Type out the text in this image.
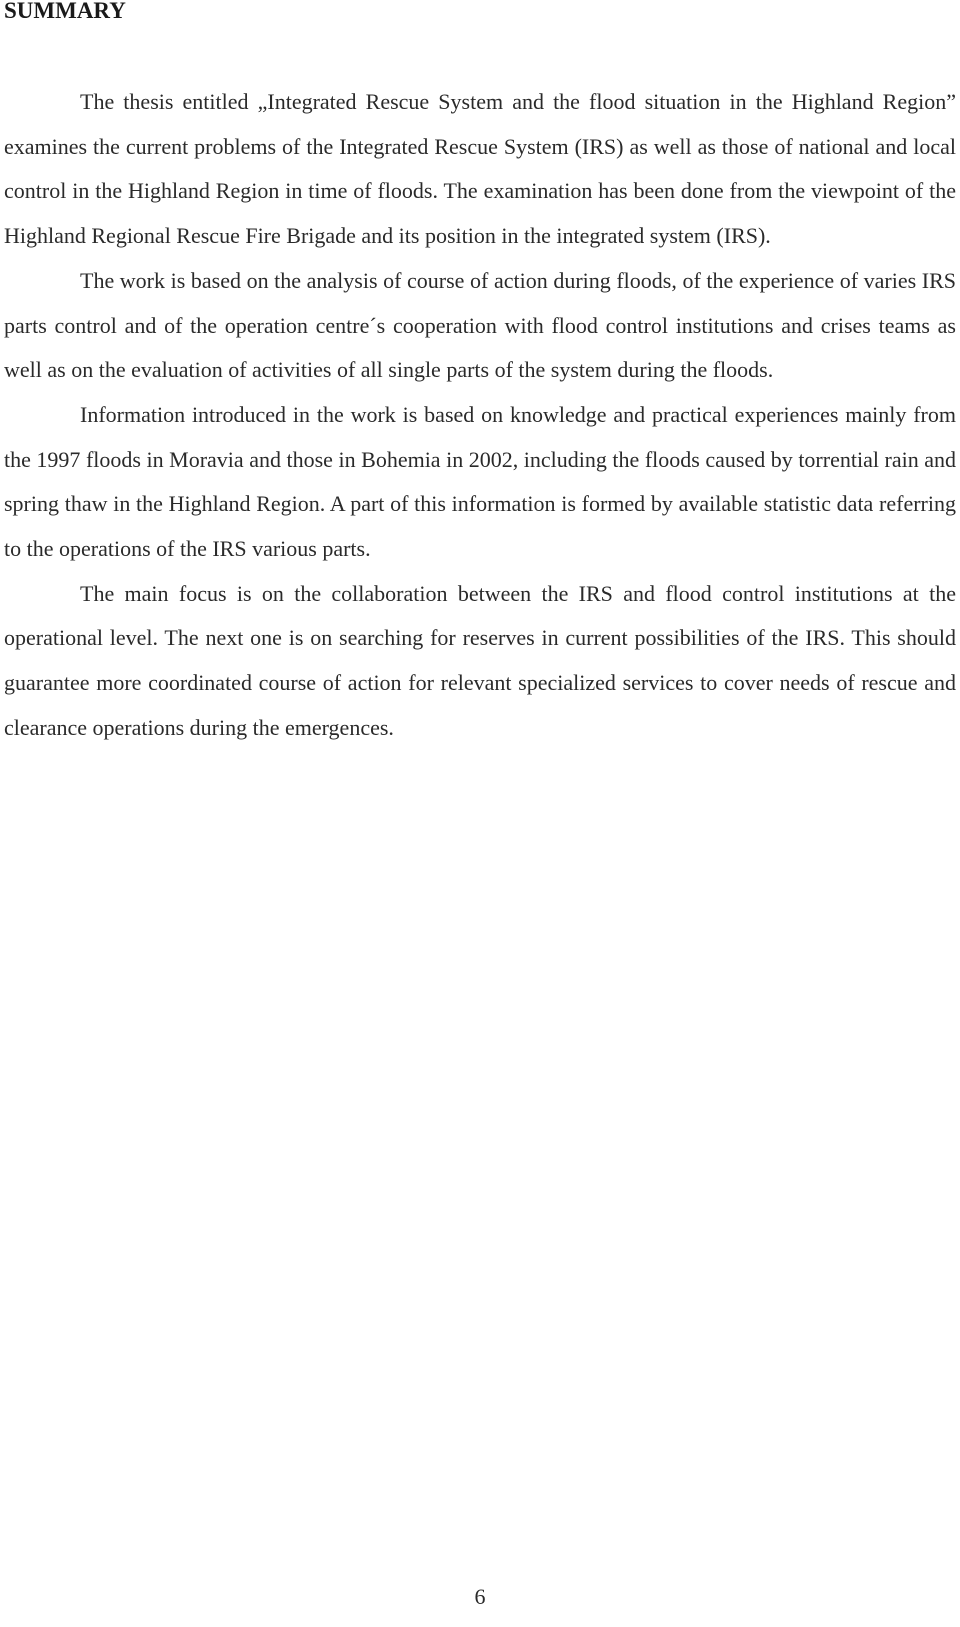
SUMMARY

The thesis entitled „Integrated Rescue System and the flood situation in the Highland Region” examines the current problems of the Integrated Rescue System (IRS) as well as those of national and local control in the Highland Region in time of floods. The examination has been done from the viewpoint of the Highland Regional Rescue Fire Brigade and its position in the integrated system (IRS).

The work is based on the analysis of course of action during floods, of the experience of varies IRS parts control and of the operation centre´s cooperation with flood control institutions and crises teams as well as on the evaluation of activities of all single parts of the system during the floods.

Information introduced in the work is based on knowledge and practical experiences mainly from the 1997 floods in Moravia and those in Bohemia in 2002, including the floods caused by torrential rain and spring thaw in the Highland Region. A part of this information is formed by available statistic data referring to the operations of the IRS various parts.

The main focus is on the collaboration between the IRS and flood control institutions at the operational level. The next one is on searching for reserves in current possibilities of the IRS. This should guarantee more coordinated course of action for relevant specialized services to cover needs of rescue and clearance operations during the emergences.

6
